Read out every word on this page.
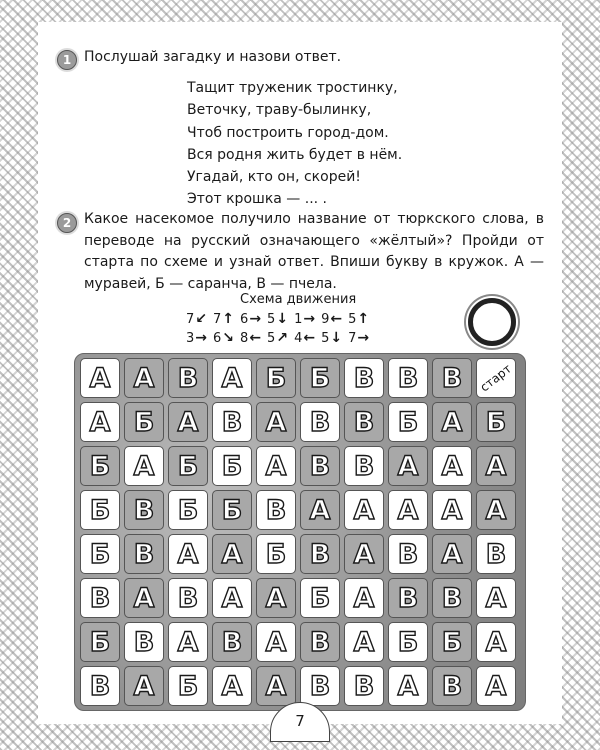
1 Послушай загадку и назови ответ.
Тащит труженик тростинку,
Веточку, траву-былинку,
Чтоб построить город-дом.
Вся родня жить будет в нём.
Угадай, кто он, скорей!
Этот крошка — ... .
2 Какое насекомое получило название от тюркского слова, в переводе на русский означающего «жёлтый»? Пройди от старта по схеме и узнай ответ. Впиши букву в кружок. А — муравей, Б — саранча, В — пчела.
Схема движения
7 ↙ 7 ↑ 6 → 5 ↓ 1 → 9 ← 5 ↑
3 → 6 ↘ 8 ← 5 ↗ 4 ← 5 ↓ 7 →
А А В А Б Б В В В	старт
А Б А В А В В Б А Б
Б А Б Б А В В А А А
Б В Б Б В А А А А А
Б В А А Б В А В А В
В А В А А Б А В В А
Б В А В А В А Б Б А
В А Б А А В В А В А
7
